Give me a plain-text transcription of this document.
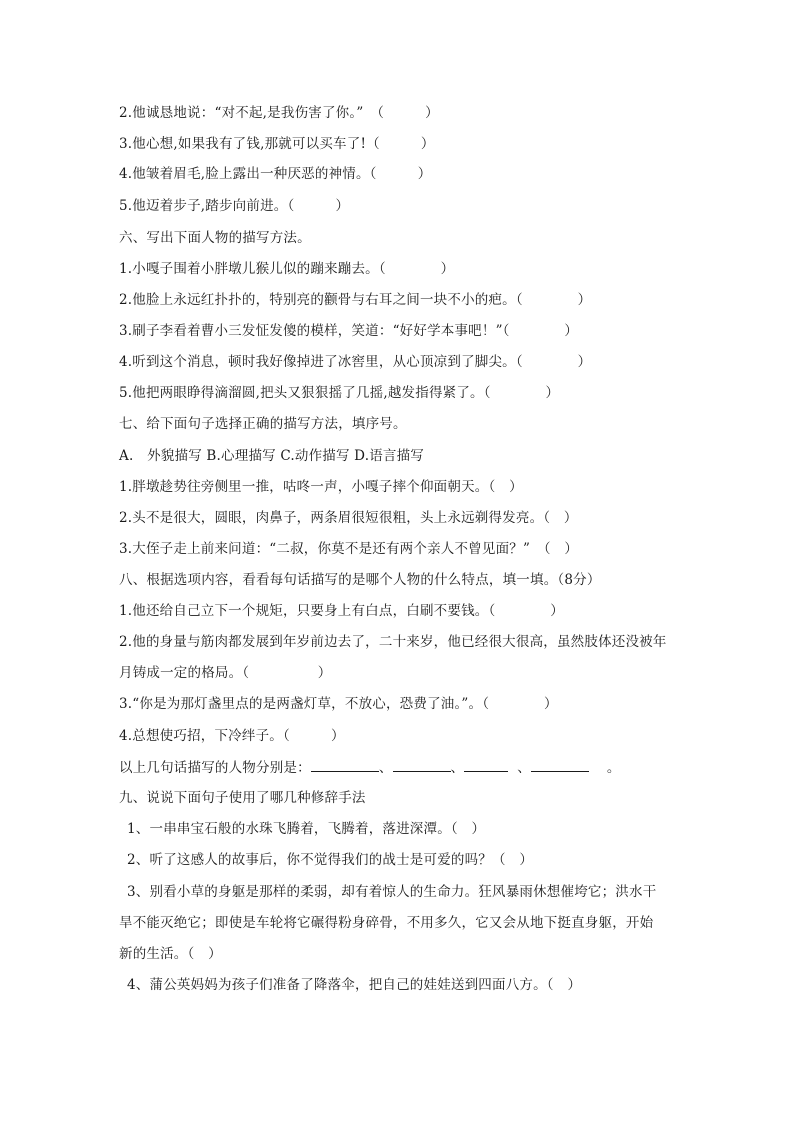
2.他诚恳地说：“对不起,是我伤害了你。”　（　　　）
3.他心想,如果我有了钱,那就可以买车了!（　　　）
4.他皱着眉毛,脸上露出一种厌恶的神情。（　　　）
5.他迈着步子,踏步向前进。（　　　）
六、写出下面人物的描写方法。
1.小嘎子围着小胖墩儿猴儿似的蹦来蹦去。（　　　　）
2.他脸上永远红扑扑的，特别亮的颧骨与右耳之间一块不小的疤。（　　　　）
3.刷子李看着曹小三发怔发傻的模样，笑道：“好好学本事吧！”（　　　　）
4.听到这个消息，顿时我好像掉进了冰窖里，从心顶凉到了脚尖。（　　　　）
5.他把两眼睁得滴溜圆,把头又狠狠摇了几摇,越发指得紧了。（　　　　）
七、给下面句子选择正确的描写方法，填序号。
A.　外貌描写 B.心理描写 C.动作描写 D.语言描写
1.胖墩趁势往旁侧里一推，咕咚一声，小嘎子摔个仰面朝天。（　）
2.头不是很大，圆眼，肉鼻子，两条眉很短很粗，头上永远剃得发亮。（　）
3.大侄子走上前来问道：“二叔，你莫不是还有两个亲人不曾见面？”　（　）
八、根据选项内容，看看每句话描写的是哪个人物的什么特点，填一填。（8分）
1.他还给自己立下一个规矩，只要身上有白点，白刷不要钱。（　　　　）
2.他的身量与筋肉都发展到年岁前边去了，二十来岁，他已经很大很高，虽然肢体还没被年
月铸成一定的格局。（　　　　　）
3.“你是为那灯盏里点的是两盏灯草，不放心，恐费了油。”。（　　　　）
4.总想使巧招，下冷绊子。（　　　）
以上几句话描写的人物分别是：	、	、	、	。
九、说说下面句子使用了哪几种修辞手法
1、一串串宝石般的水珠飞腾着，飞腾着，落进深潭。（　）
2、听了这感人的故事后，你不觉得我们的战士是可爱的吗？（　）
3、别看小草的身躯是那样的柔弱，却有着惊人的生命力。狂风暴雨休想催垮它；洪水干
旱不能灭绝它；即使是车轮将它碾得粉身碎骨，不用多久，它又会从地下挺直身躯，开始
新的生活。（　）
4、蒲公英妈妈为孩子们准备了降落伞，把自己的娃娃送到四面八方。（　）
